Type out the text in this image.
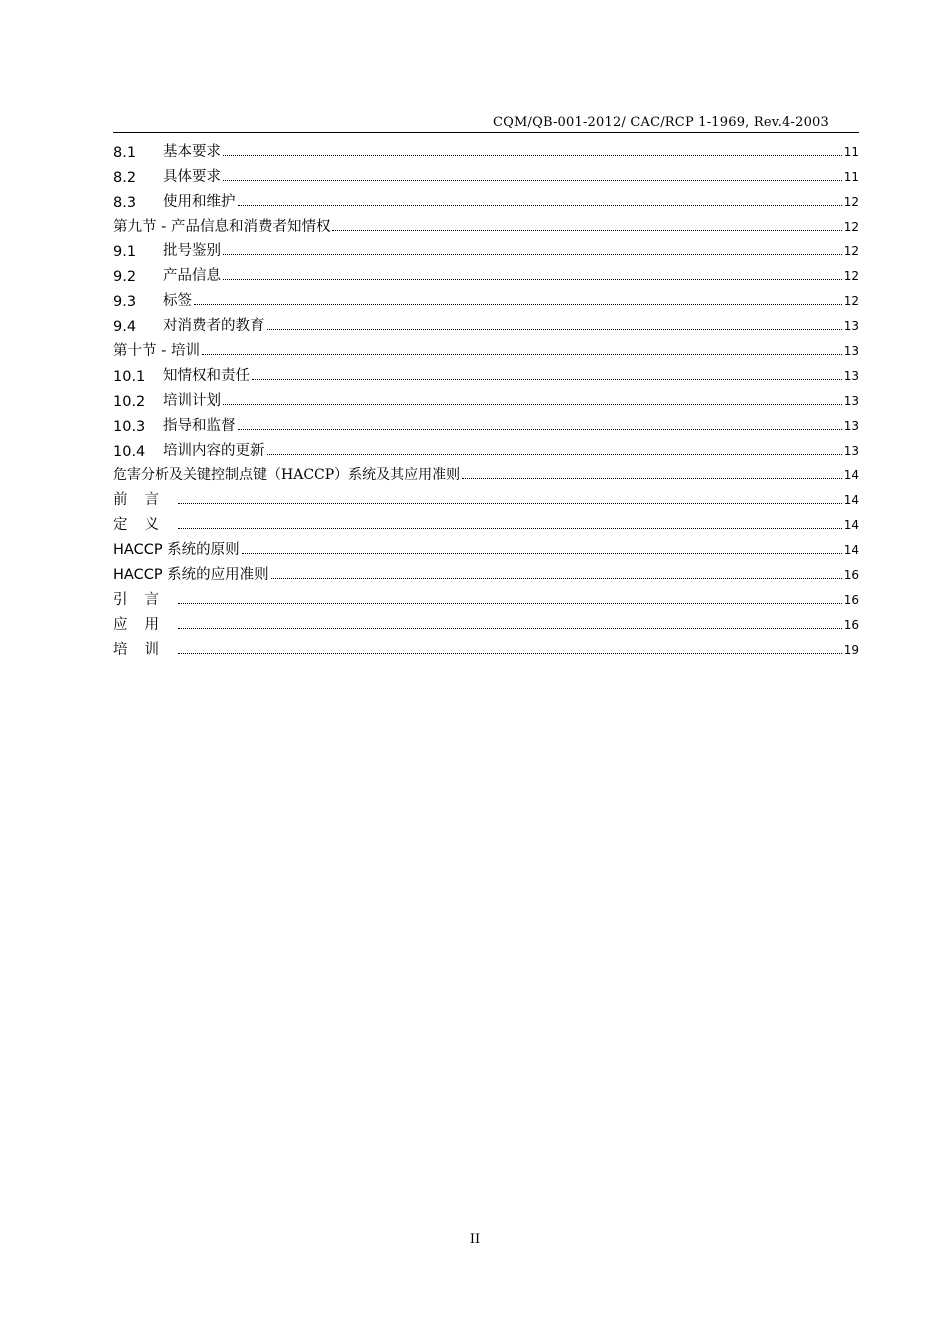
CQM/QB-001-2012/ CAC/RCP 1-1969, Rev.4-2003
8.1	基本要求	11
8.2	具体要求	11
8.3	使用和维护	12
第九节 - 产品信息和消费者知情权	12
9.1	批号鉴别	12
9.2	产品信息	12
9.3	标签	12
9.4	对消费者的教育	13
第十节 - 培训	13
10.1	知情权和责任	13
10.2	培训计划	13
10.3	指导和监督	13
10.4	培训内容的更新	13
危害分析及关键控制点键（HACCP）系统及其应用准则	14
前言	14
定义	14
HACCP 系统的原则	14
HACCP 系统的应用准则	16
引言	16
应用	16
培训	19
II
